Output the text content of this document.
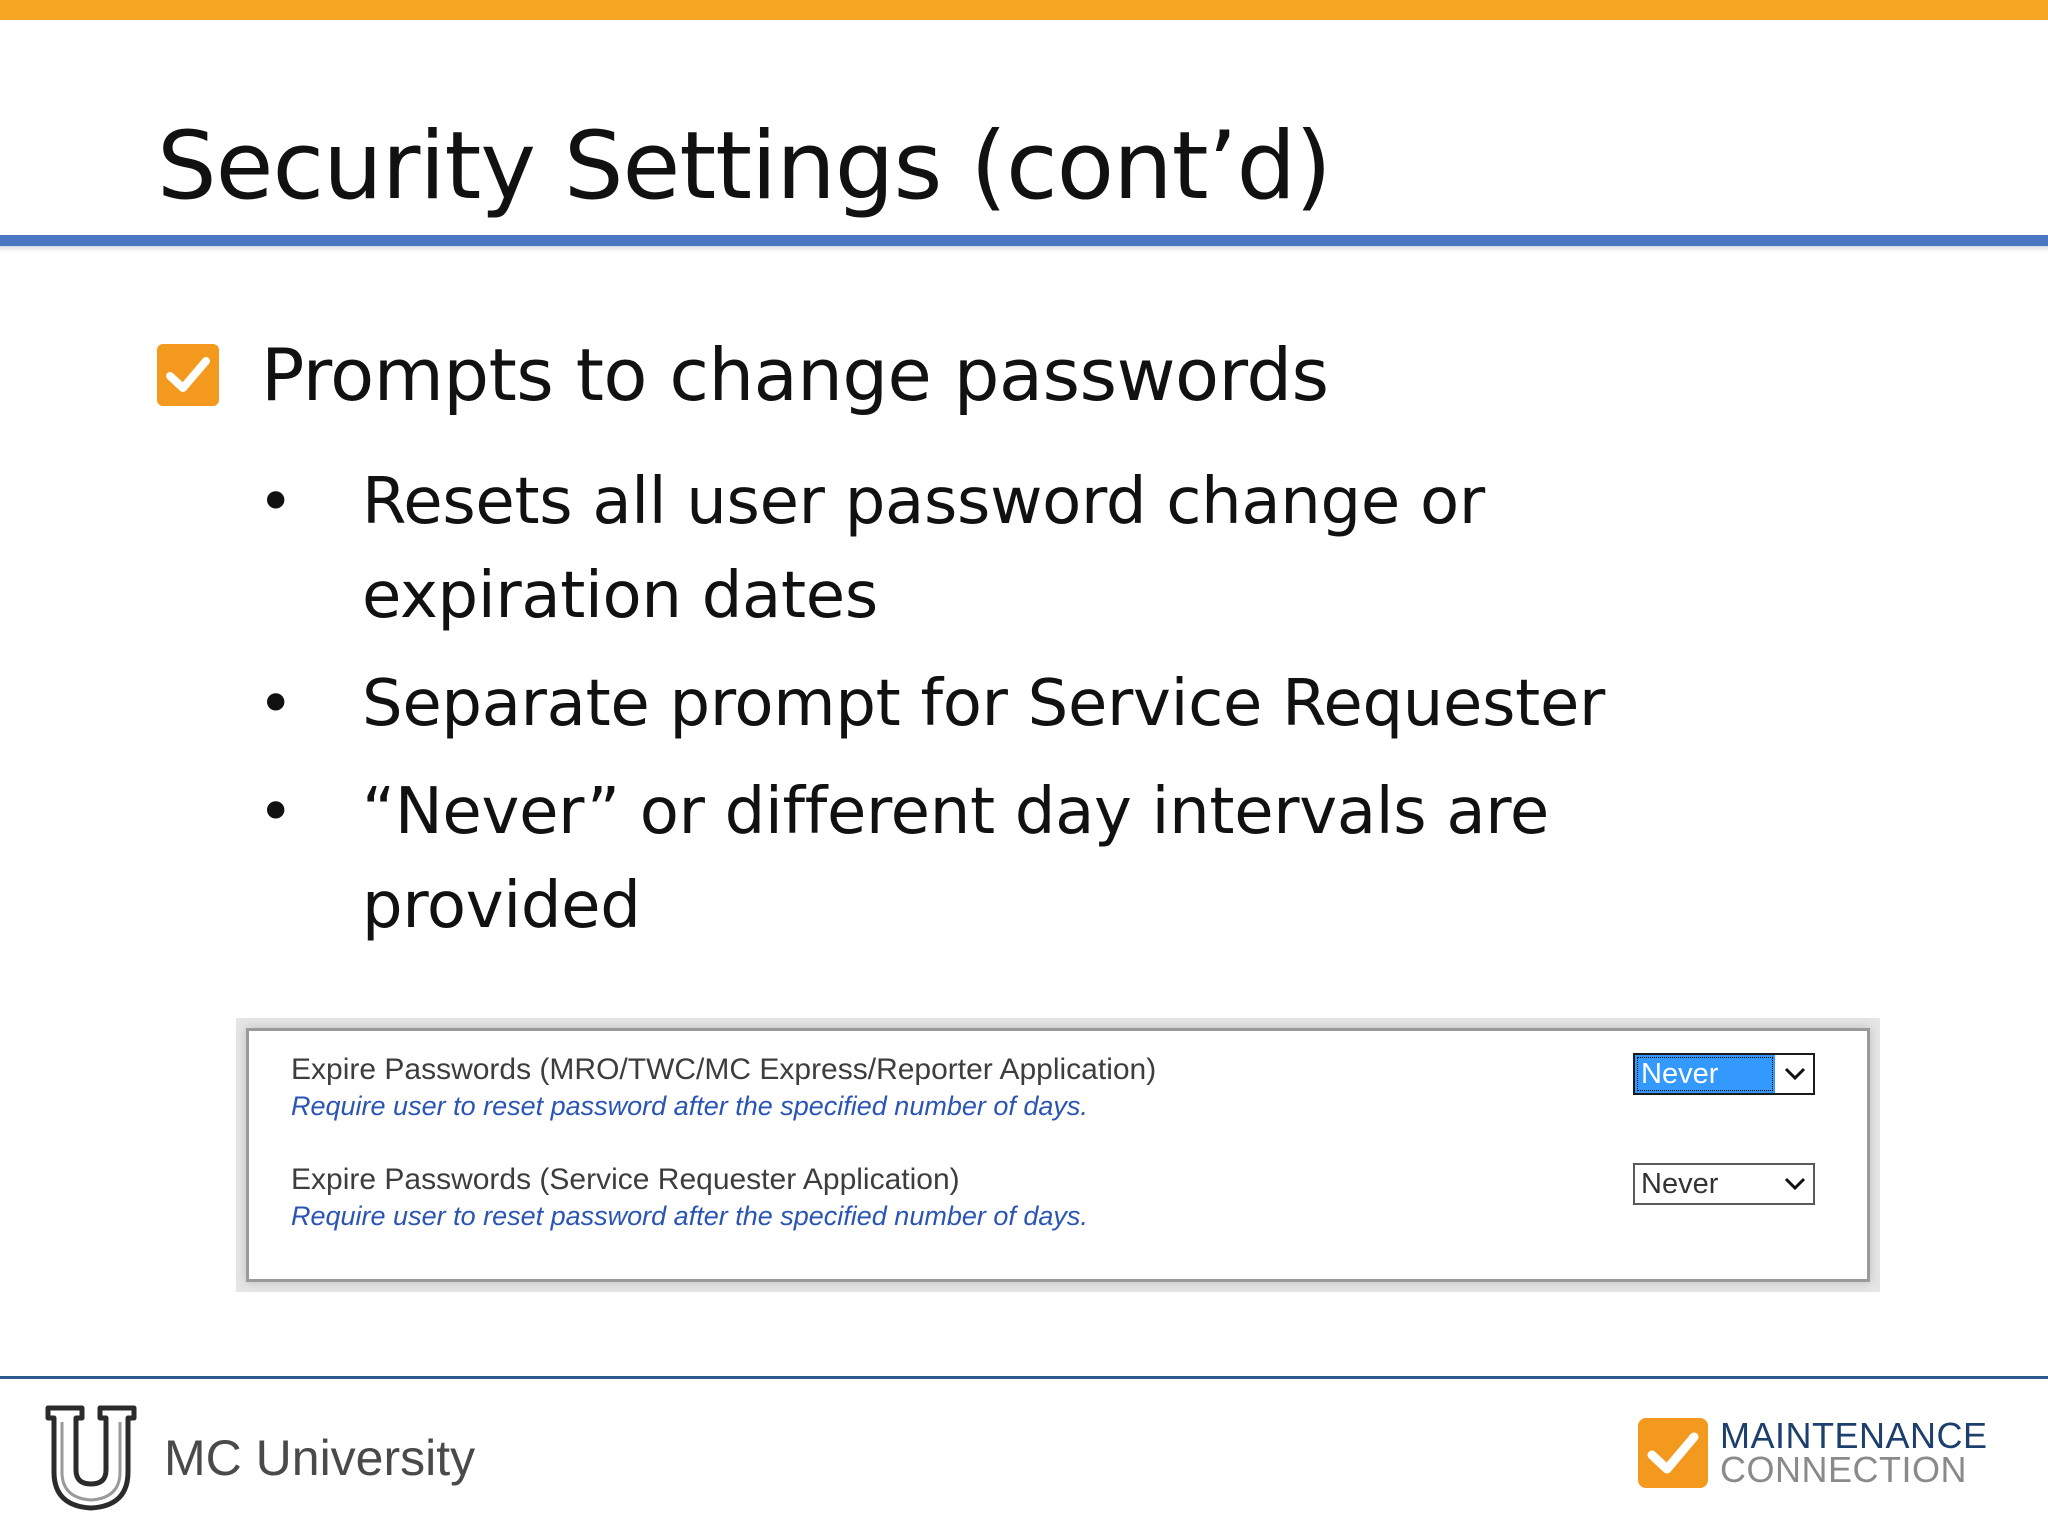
Security Settings (cont’d)
Prompts to change passwords
•	Resets all user password change or expiration dates
•	Separate prompt for Service Requester
•	“Never” or different day intervals are provided
Expire Passwords (MRO/TWC/MC Express/Reporter Application)
Require user to reset password after the specified number of days.
Never
Expire Passwords (Service Requester Application)
Require user to reset password after the specified number of days.
Never
MC University	MAINTENANCE
CONNECTION
